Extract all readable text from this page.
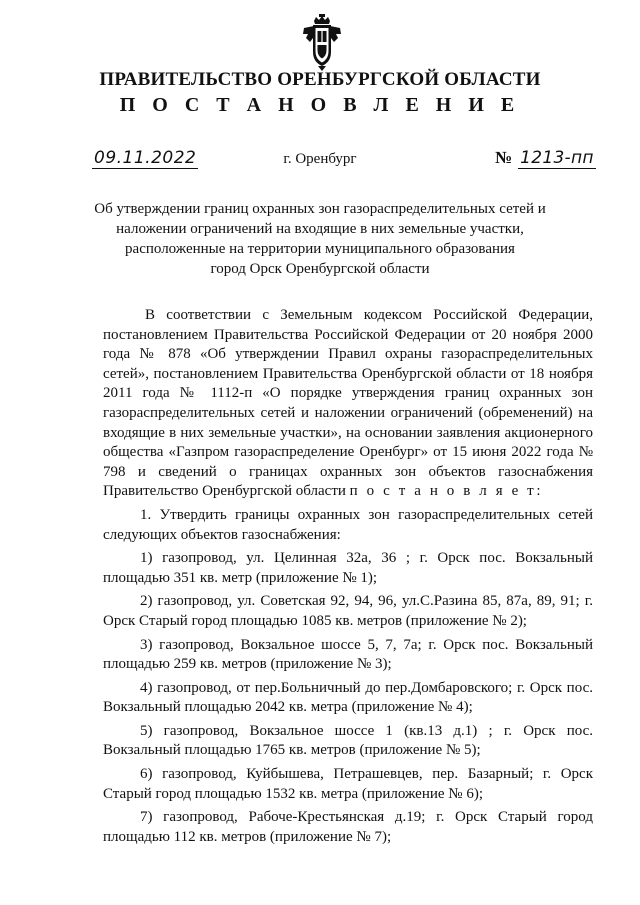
ПРАВИТЕЛЬСТВО ОРЕНБУРГСКОЙ ОБЛАСТИ
П О С Т А Н О В Л Е Н И Е
09.11.2022	г. Оренбург	№ 1213-пп
Об утверждении границ охранных зон газораспределительных сетей и
наложении ограничений на входящие в них земельные участки,
расположенные на территории муниципального образования
город Орск Оренбургской области

В соответствии с Земельным кодексом Российской Федерации, постановлением Правительства Российской Федерации от 20 ноября 2000 года № 878 «Об утверждении Правил охраны газораспределительных сетей», постановлением Правительства Оренбургской области от 18 ноября 2011 года № 1112-п «О порядке утверждения границ охранных зон газораспределительных сетей и наложении ограничений (обременений) на входящие в них земельные участки», на основании заявления акционерного общества «Газпром газораспределение Оренбург» от 15 июня 2022 года № 798 и сведений о границах охранных зон объектов газоснабжения Правительство Оренбургской области п о с т а н о в л я е т:

1. Утвердить границы охранных зон газораспределительных сетей следующих объектов газоснабжения:

1) газопровод, ул. Целинная 32а, 36 ; г. Орск пос. Вокзальный площадью 351 кв. метр (приложение № 1);

2) газопровод, ул. Советская 92, 94, 96, ул.С.Разина 85, 87а, 89, 91; г. Орск Старый город площадью 1085 кв. метров (приложение № 2);

3) газопровод, Вокзальное шоссе 5, 7, 7а; г. Орск пос. Вокзальный площадью 259 кв. метров (приложение № 3);

4) газопровод, от пер.Больничный до пер.Домбаровского; г. Орск пос. Вокзальный площадью 2042 кв. метра (приложение № 4);

5) газопровод, Вокзальное шоссе 1 (кв.13 д.1) ; г. Орск пос. Вокзальный площадью 1765 кв. метров (приложение № 5);

6) газопровод, Куйбышева, Петрашевцев, пер. Базарный; г. Орск Старый город площадью 1532 кв. метра (приложение № 6);

7) газопровод, Рабоче-Крестьянская д.19; г. Орск Старый город площадью 112 кв. метров (приложение № 7);
